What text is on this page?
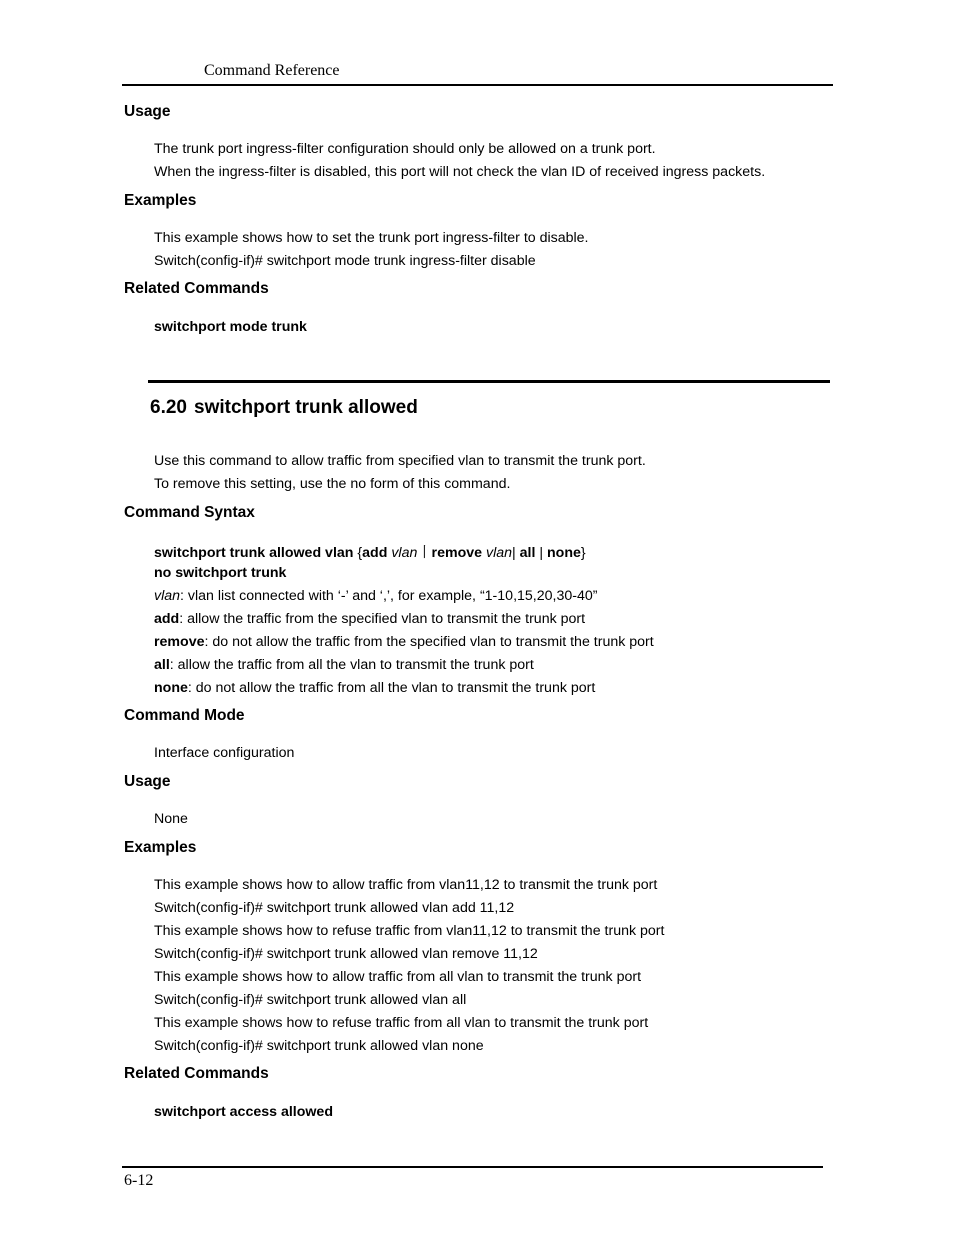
Command Reference
Usage
The trunk port ingress-filter configuration should only be allowed on a trunk port.
When the ingress-filter is disabled, this port will not check the vlan ID of received ingress packets.
Examples
This example shows how to set the trunk port ingress-filter to disable.
Switch(config-if)# switchport mode trunk ingress-filter disable
Related Commands
switchport mode trunk
6.20 switchport trunk allowed
Use this command to allow traffic from specified vlan to transmit the trunk port.
To remove this setting, use the no form of this command.
Command Syntax
switchport trunk allowed vlan {add vlan丨remove vlan| all | none}
no switchport trunk
vlan: vlan list connected with ‘-’ and ‘,’, for example, “1-10,15,20,30-40”
add: allow the traffic from the specified vlan to transmit the trunk port
remove: do not allow the traffic from the specified vlan to transmit the trunk port
all: allow the traffic from all the vlan to transmit the trunk port
none: do not allow the traffic from all the vlan to transmit the trunk port
Command Mode
Interface configuration
Usage
None
Examples
This example shows how to allow traffic from vlan11,12 to transmit the trunk port
Switch(config-if)# switchport trunk allowed vlan add 11,12
This example shows how to refuse traffic from vlan11,12 to transmit the trunk port
Switch(config-if)# switchport trunk allowed vlan remove 11,12
This example shows how to allow traffic from all vlan to transmit the trunk port
Switch(config-if)# switchport trunk allowed vlan all
This example shows how to refuse traffic from all vlan to transmit the trunk port
Switch(config-if)# switchport trunk allowed vlan none
Related Commands
switchport access allowed
6-12
